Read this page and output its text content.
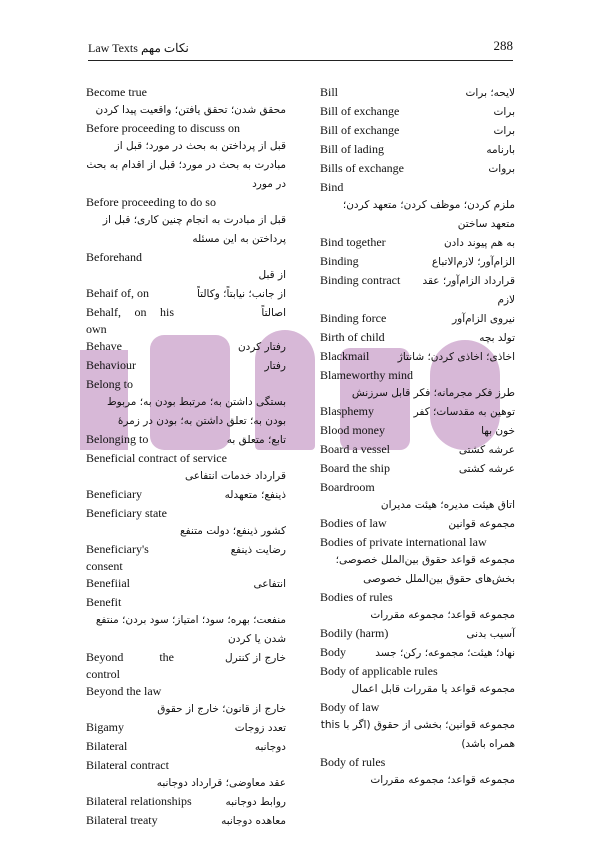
Law Texts نکات مهم	288
Become true
محقق شدن؛ تحقق یافتن؛ واقعیت پیدا کردن
Before proceeding to discuss on
قبل از پرداختن به بحث در مورد؛ قبل از مبادرت به بحث در مورد؛ قبل از اقدام به بحث در مورد
Before proceeding to do so
قبل از مبادرت به انجام چنین کاری؛ قبل از پرداختن به این مسئله
Beforehand
از قبل
Behaif of, on	از جانب؛ نیابتاً؛ وکالتاً
Behalf, on his own
اصالتاً
Behave	رفتار کردن
Behaviour	رفتار
Belong to
بستگی داشتن به؛ مرتبط بودن به؛ مربوط بودن به؛ تعلق داشتن به؛ بودن در زمرهٔ
Belonging to	تابع؛ متعلق به
Beneficial contract of service
قرارداد خدمات انتفاعی
Beneficiary	ذینفع؛ متعهدله
Beneficiary state
کشور ذینفع؛ دولت متنفع
Beneficiary's consent
رضایت ذینفع
Benefiial	انتفاعی
Benefit
منفعت؛ بهره؛ سود؛ امتیاز؛ سود بردن؛ منتفع شدن یا کردن
Beyond the control
خارج از کنترل
Beyond the law
خارج از قانون؛ خارج از حقوق
Bigamy	تعدد زوجات
Bilateral	دوجانبه
Bilateral contract
عقد معاوضی؛ قرارداد دوجانبه
Bilateral relationships	روابط دوجانبه
Bilateral treaty	معاهده دوجانبه
Bill	لایحه؛ برات
Bill of exchange	برات
Bill of exchange	برات
Bill of lading	بارنامه
Bills of exchange	بروات
Bind
ملزم کردن؛ موظف کردن؛ متعهد کردن؛ متعهد ساختن
Bind together	به هم پیوند دادن
Binding	الزام‌آور؛ لازم‌الاتباع
Binding contract	قرارداد الزام‌آور؛ عقد لازم
Binding force	نیروی الزام‌آور
Birth of child	تولد بچه
Blackmail	اخاذی؛ اخاذی کردن؛ شانتاژ
Blameworthy mind
طرز فکر مجرمانه؛ فکر قابل سرزنش
Blasphemy	توهین به مقدسات؛ کفر
Blood money	خون بها
Board a vessel	عرشه کشتی
Board the ship	عرشه کشتی
Boardroom
اتاق هیئت مدیره؛ هیئت مدیران
Bodies of law	مجموعه قوانین
Bodies of private international law
مجموعه قواعد حقوق بین‌الملل خصوصی؛ بخش‌های حقوق بین‌الملل خصوصی
Bodies of rules
مجموعه قواعد؛ مجموعه مقررات
Bodily (harm)	آسیب بدنی
Body	نهاد؛ هیئت؛ مجموعه؛ رکن؛ جسد
Body of applicable rules
مجموعه قواعد یا مقررات قابل اعمال
Body of law
مجموعه قوانین؛ بخشی از حقوق (اگر با this همراه باشد)
Body of rules
مجموعه قواعد؛ مجموعه مقررات
